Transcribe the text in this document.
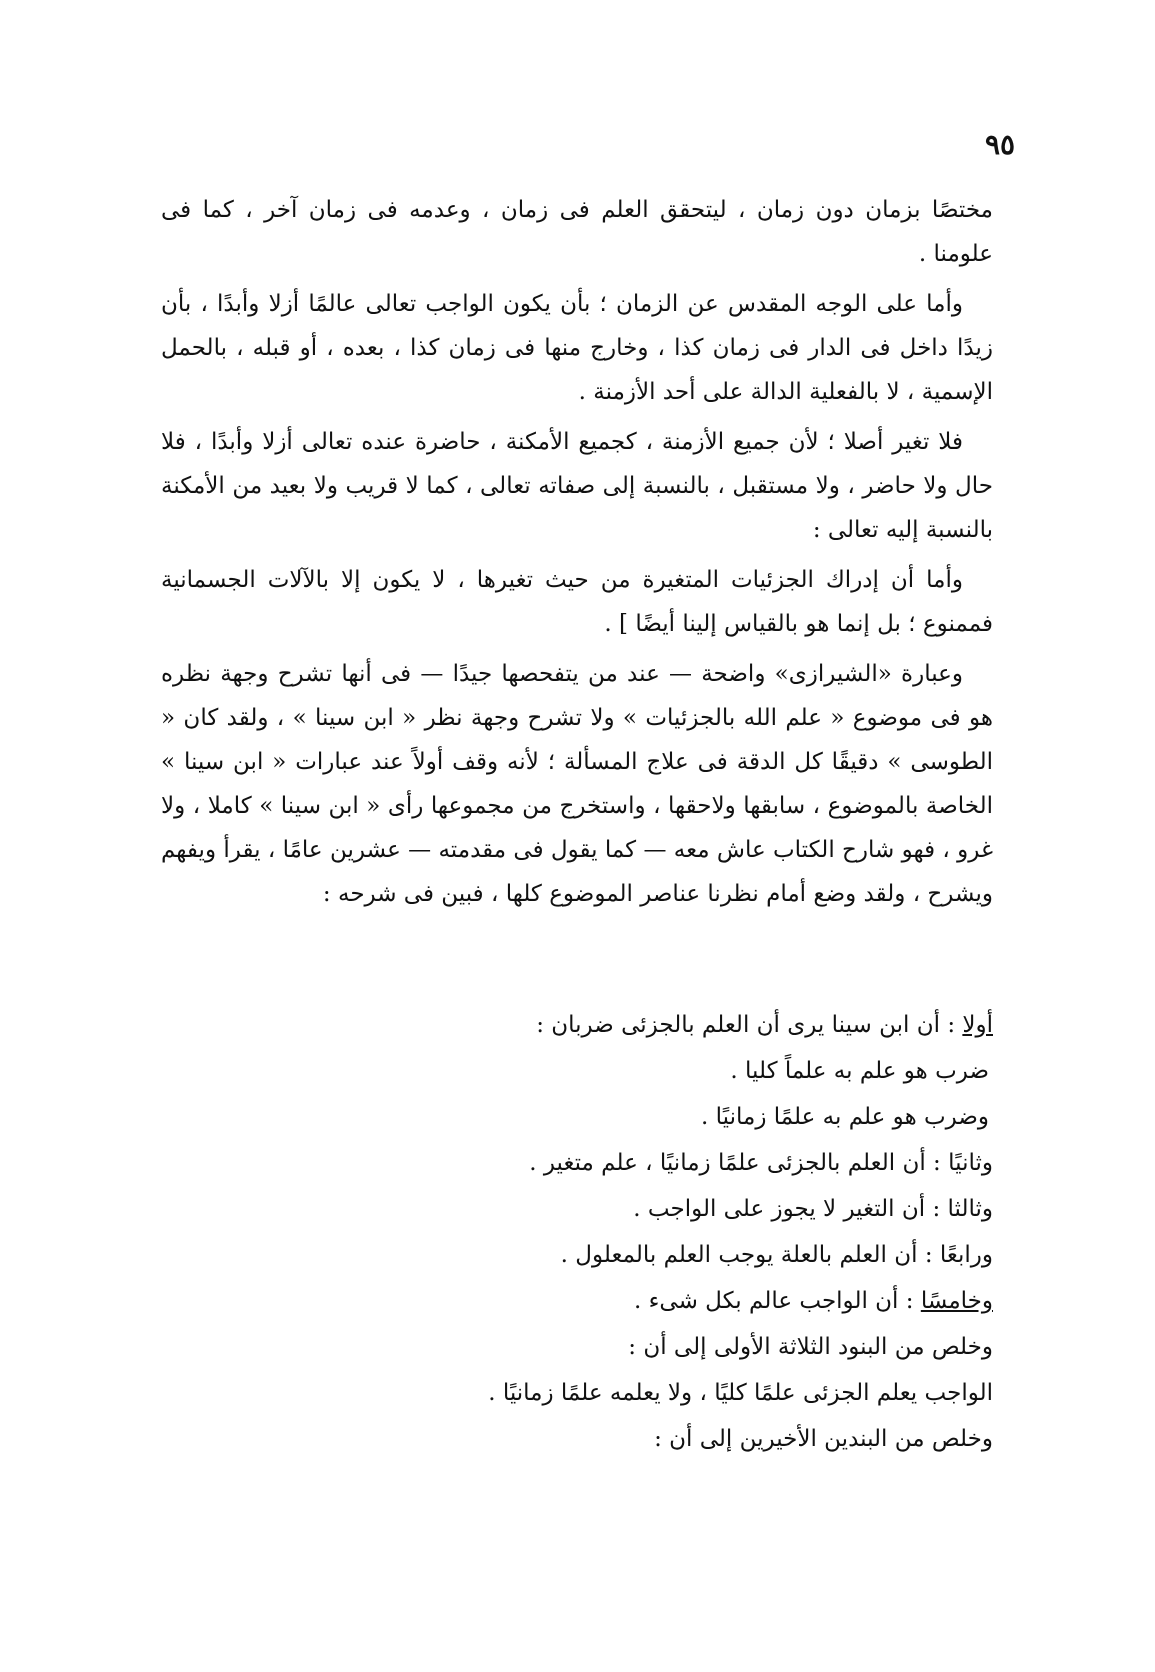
٩٥

مختصًا بزمان دون زمان ، ليتحقق العلم فى زمان ، وعدمه فى زمان آخر ، كما فى علومنا .

وأما على الوجه المقدس عن الزمان ؛ بأن يكون الواجب تعالى عالمًا أزلا وأبدًا ، بأن زيدًا داخل فى الدار فى زمان كذا ، وخارج منها فى زمان كذا ، بعده ، أو قبله ، بالحمل الإسمية ، لا بالفعلية الدالة على أحد الأزمنة .

فلا تغير أصلا ؛ لأن جميع الأزمنة ، كجميع الأمكنة ، حاضرة عنده تعالى أزلا وأبدًا ، فلا حال ولا حاضر ، ولا مستقبل ، بالنسبة إلى صفاته تعالى ، كما لا قريب ولا بعيد من الأمكنة بالنسبة إليه تعالى :

وأما أن إدراك الجزئيات المتغيرة من حيث تغيرها ، لا يكون إلا بالآلات الجسمانية فممنوع ؛ بل إنما هو بالقياس إلينا أيضًا ] .

وعبارة «الشيرازى» واضحة — عند من يتفحصها جيدًا — فى أنها تشرح وجهة نظره هو فى موضوع « علم الله بالجزئيات » ولا تشرح وجهة نظر « ابن سينا » ، ولقد كان « الطوسى » دقيقًا كل الدقة فى علاج المسألة ؛ لأنه وقف أولاً عند عبارات « ابن سينا » الخاصة بالموضوع ، سابقها ولاحقها ، واستخرج من مجموعها رأى « ابن سينا » كاملا ، ولا غرو ، فهو شارح الكتاب عاش معه — كما يقول فى مقدمته — عشرين عامًا ، يقرأ ويفهم ويشرح ، ولقد وضع أمام نظرنا عناصر الموضوع كلها ، فبين فى شرحه :

أولا : أن ابن سينا يرى أن العلم بالجزئى ضربان :

ضرب هو علم به علماً كليا .

وضرب هو علم به علمًا زمانيًا .

وثانيًا : أن العلم بالجزئى علمًا زمانيًا ، علم متغير .

وثالثا : أن التغير لا يجوز على الواجب .

ورابعًا : أن العلم بالعلة يوجب العلم بالمعلول .

وخامسًا : أن الواجب عالم بكل شىء .

وخلص من البنود الثلاثة الأولى إلى أن :

الواجب يعلم الجزئى علمًا كليًا ، ولا يعلمه علمًا زمانيًا .

وخلص من البندين الأخيرين إلى أن :
